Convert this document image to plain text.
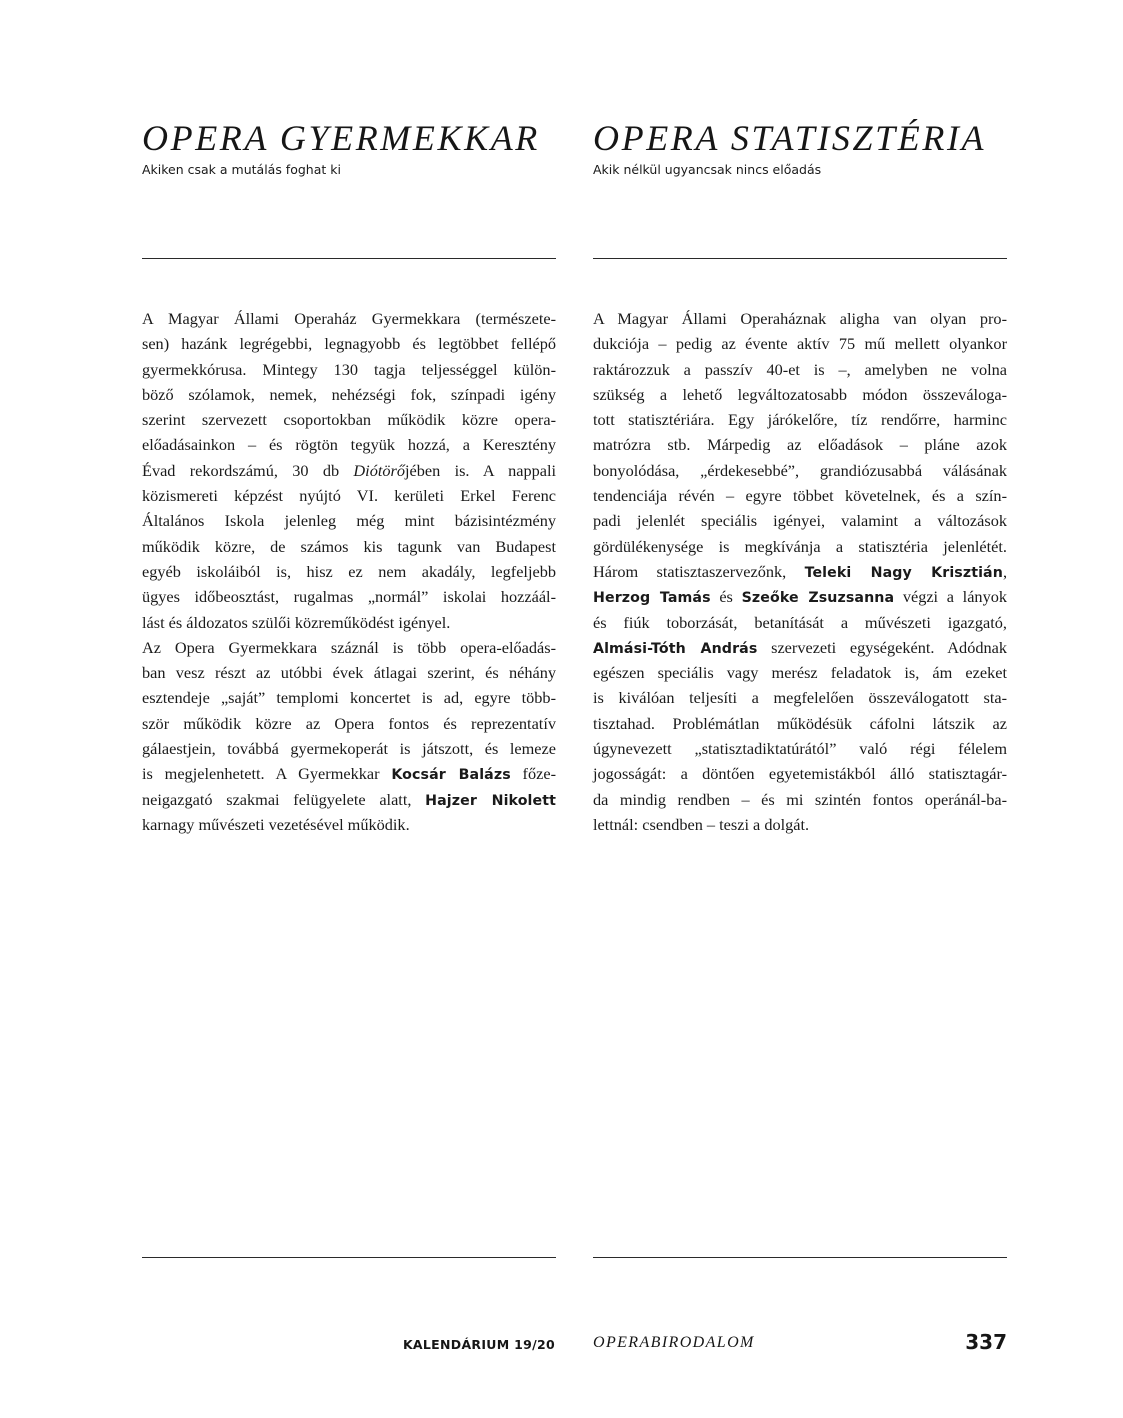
OPERA GYERMEKKAR
Akiken csak a mutálás foghat ki
A Magyar Állami Operaház Gyermekkara (természete-
sen) hazánk legrégebbi, legnagyobb és legtöbbet fellépő
gyermekkórusa. Mintegy 130 tagja teljességgel külön-
böző szólamok, nemek, nehézségi fok, színpadi igény
szerint szervezett csoportokban működik közre opera-
előadásainkon – és rögtön tegyük hozzá, a Keresztény
Évad rekordszámú, 30 db Diótörőjében is. A nappali
közismereti képzést nyújtó VI. kerületi Erkel Ferenc
Általános Iskola jelenleg még mint bázisintézmény
működik közre, de számos kis tagunk van Budapest
egyéb iskoláiból is, hisz ez nem akadály, legfeljebb
ügyes időbeosztást, rugalmas „normál” iskolai hozzáál-
lást és áldozatos szülői közreműködést igényel.
Az Opera Gyermekkara száznál is több opera-előadás-
ban vesz részt az utóbbi évek átlagai szerint, és néhány
esztendeje „saját” templomi koncertet is ad, egyre több-
ször működik közre az Opera fontos és reprezentatív
gálaestjein, továbbá gyermekoperát is játszott, és lemeze
is megjelenhetett. A Gyermekkar Kocsár Balázs főze-
neigazgató szakmai felügyelete alatt, Hajzer Nikolett
karnagy művészeti vezetésével működik.
OPERA STATISZTÉRIA
Akik nélkül ugyancsak nincs előadás
A Magyar Állami Operaháznak aligha van olyan pro-
dukciója – pedig az évente aktív 75 mű mellett olyankor
raktározzuk a passzív 40-et is –, amelyben ne volna
szükség a lehető legváltozatosabb módon összeváloga-
tott statisztériára. Egy járókelőre, tíz rendőrre, harminc
matrózra stb. Márpedig az előadások – pláne azok
bonyolódása, „érdekesebbé”, grandiózusabbá válásának
tendenciája révén – egyre többet követelnek, és a szín-
padi jelenlét speciális igényei, valamint a változások
gördülékenysége is megkívánja a statisztéria jelenlétét.
Három statisztaszervezőnk, Teleki Nagy Krisztián,
Herzog Tamás és Szeőke Zsuzsanna végzi a lányok
és fiúk toborzását, betanítását a művészeti igazgató,
Almási-Tóth András szervezeti egységeként. Adódnak
egészen speciális vagy merész feladatok is, ám ezeket
is kiválóan teljesíti a megfelelően összeválogatott sta-
tisztahad. Problémátlan működésük cáfolni látszik az
úgynevezett „statisztadiktatúrától” való régi félelem
jogosságát: a döntően egyetemistákból álló statisztagár-
da mindig rendben – és mi szintén fontos operánál-ba-
lettnál: csendben – teszi a dolgát.
KALENDÁRIUM 19/20 OPERABIRODALOM	337
